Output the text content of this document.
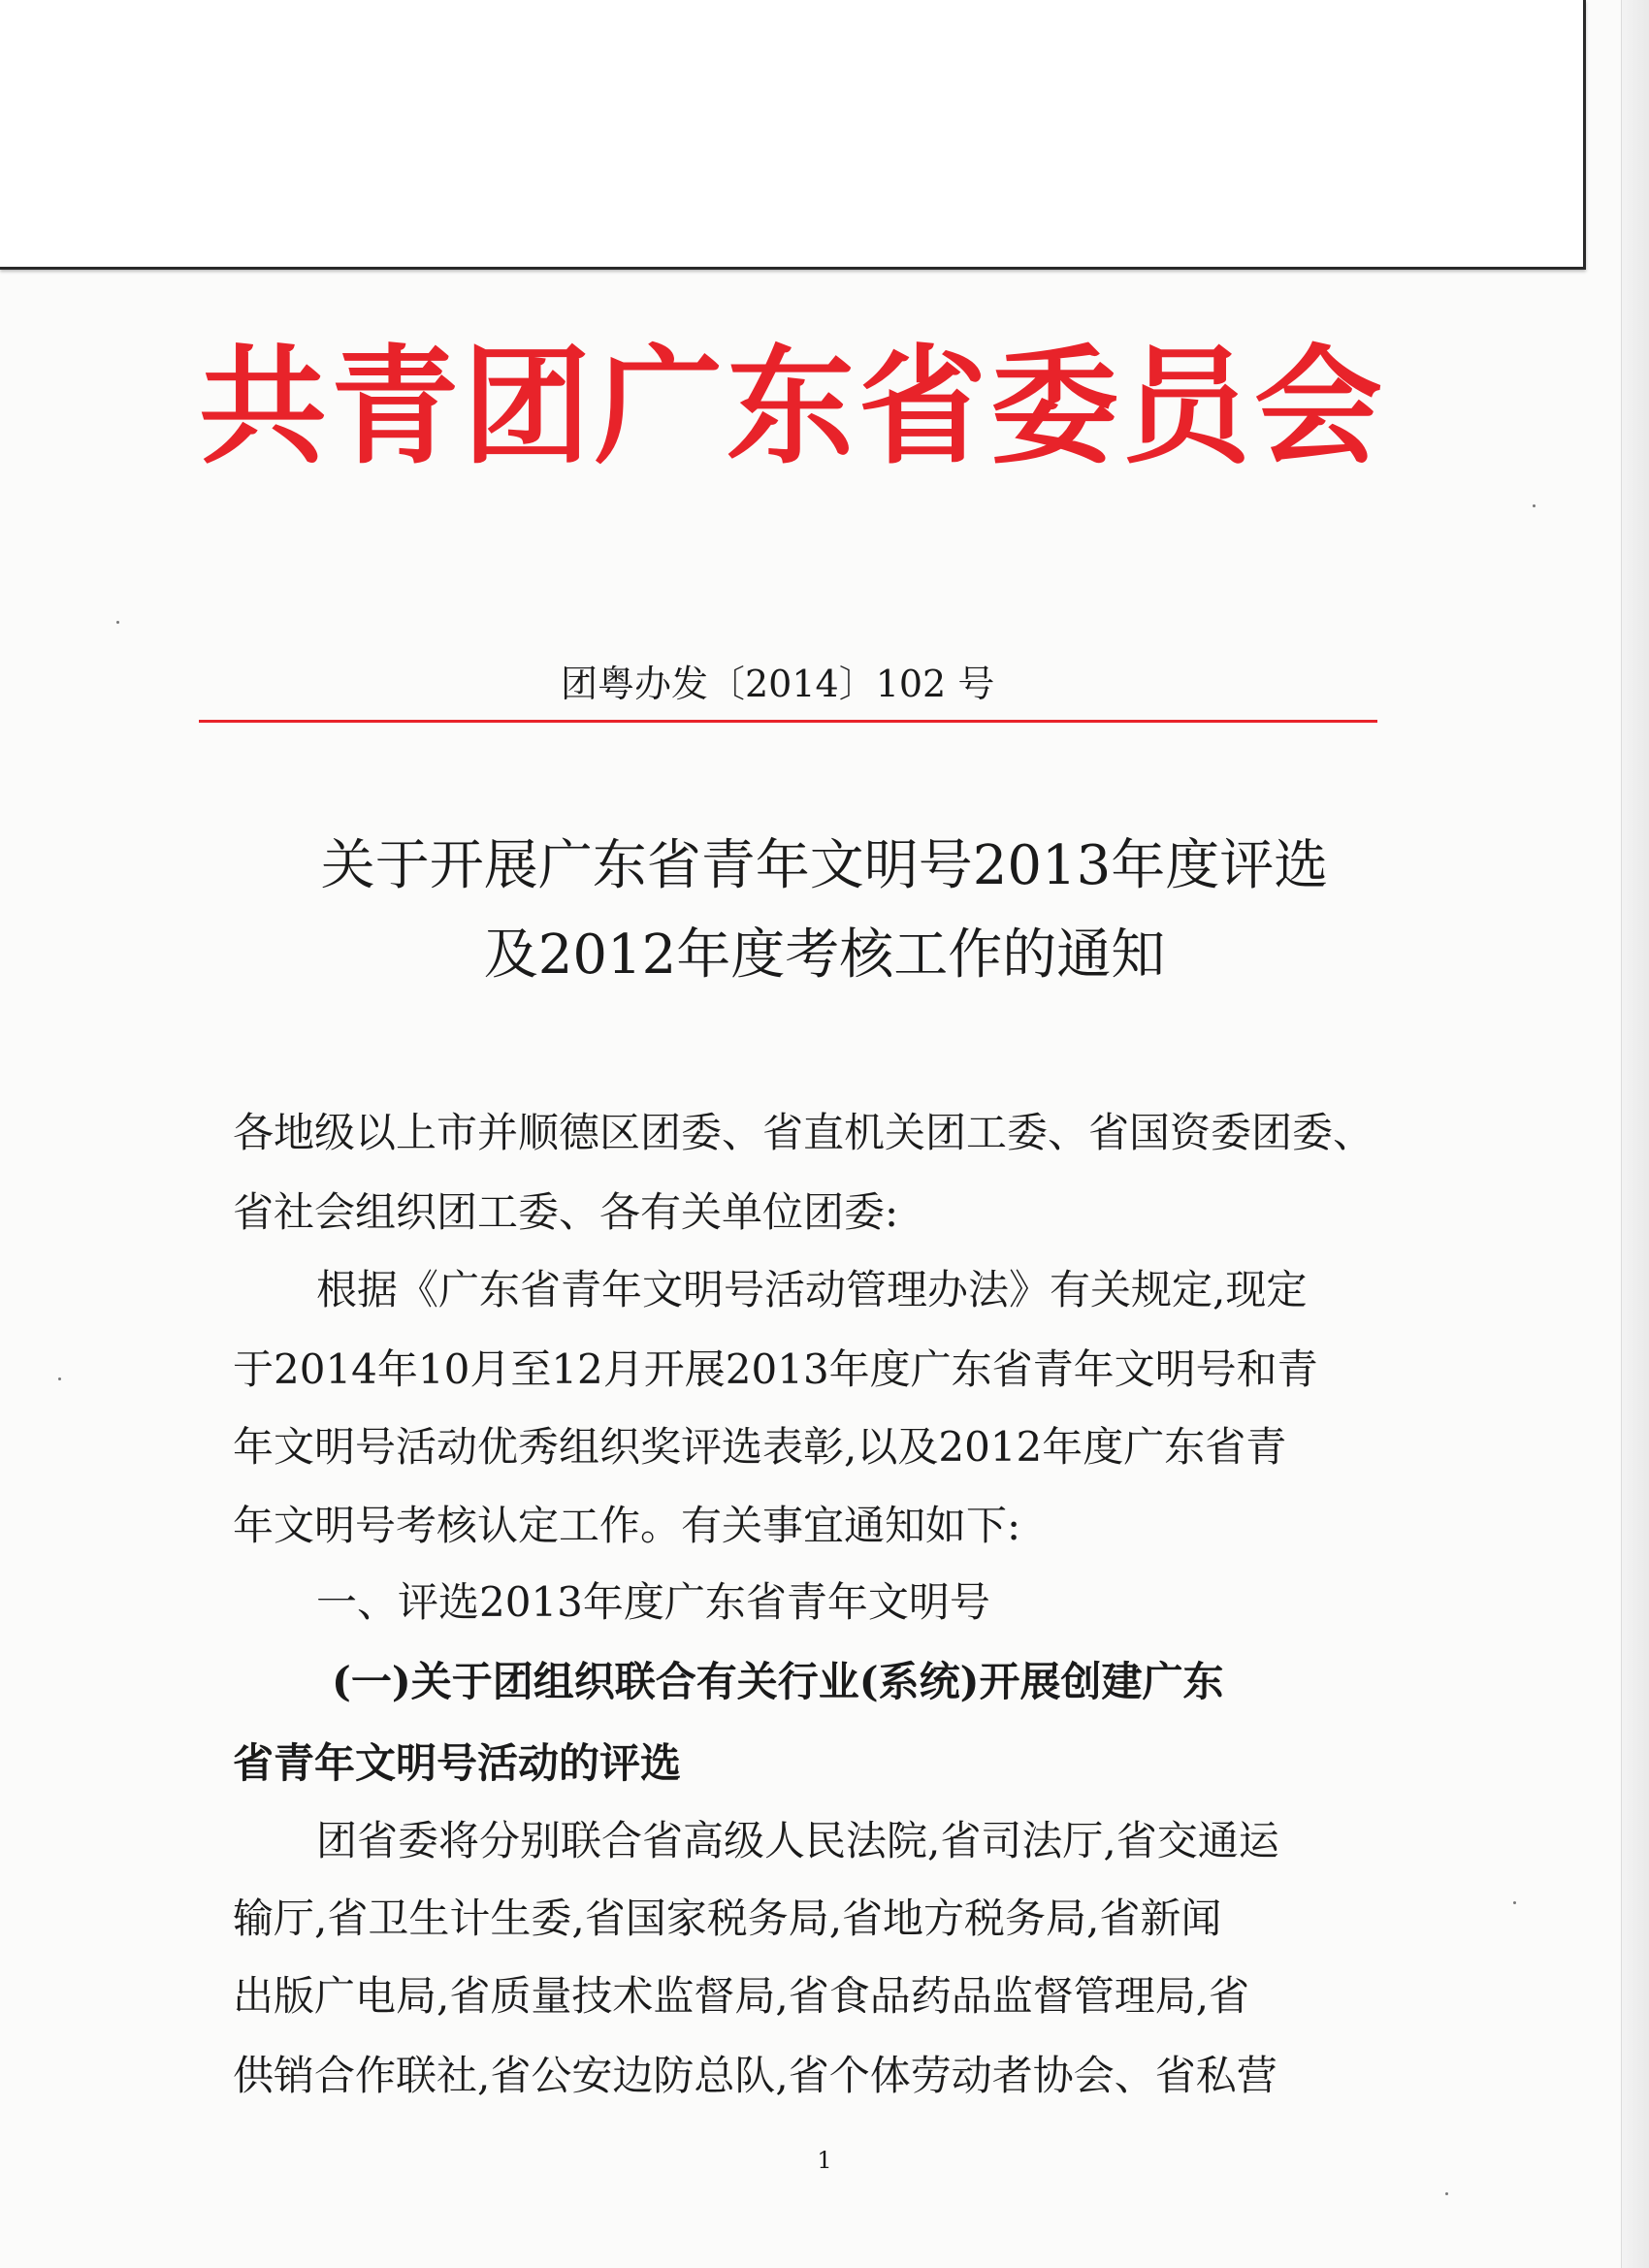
共青团广东省委员会
团粤办发〔2014〕102 号
关于开展广东省青年文明号2013年度评选
及2012年度考核工作的通知
各地级以上市并顺德区团委、省直机关团工委、省国资委团委、
省社会组织团工委、各有关单位团委:
根据《广东省青年文明号活动管理办法》有关规定,现定
于2014年10月至12月开展2013年度广东省青年文明号和青
年文明号活动优秀组织奖评选表彰,以及2012年度广东省青
年文明号考核认定工作。有关事宜通知如下:
一、评选2013年度广东省青年文明号
(一)关于团组织联合有关行业(系统)开展创建广东
省青年文明号活动的评选
团省委将分别联合省高级人民法院,省司法厅,省交通运
输厅,省卫生计生委,省国家税务局,省地方税务局,省新闻
出版广电局,省质量技术监督局,省食品药品监督管理局,省
供销合作联社,省公安边防总队,省个体劳动者协会、省私营
1
